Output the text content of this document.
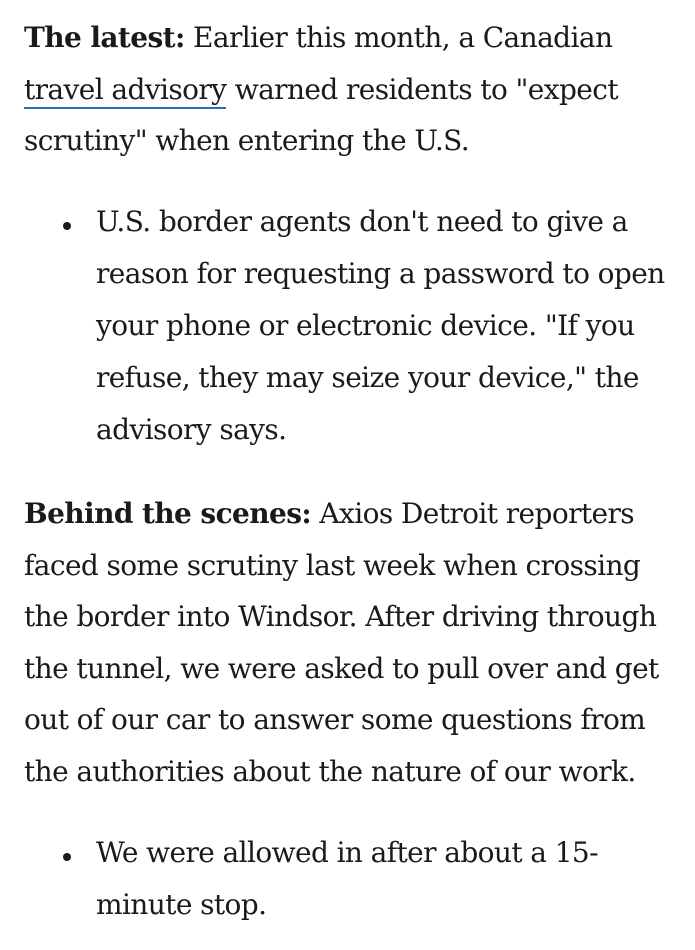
The latest: Earlier this month, a Canadian travel advisory warned residents to "expect scrutiny" when entering the U.S.

U.S. border agents don't need to give a reason for requesting a password to open your phone or electronic device. "If you refuse, they may seize your device," the advisory says.

Behind the scenes: Axios Detroit reporters faced some scrutiny last week when crossing the border into Windsor. After driving through the tunnel, we were asked to pull over and get out of our car to answer some questions from the authorities about the nature of our work.

We were allowed in after about a 15-minute stop.
